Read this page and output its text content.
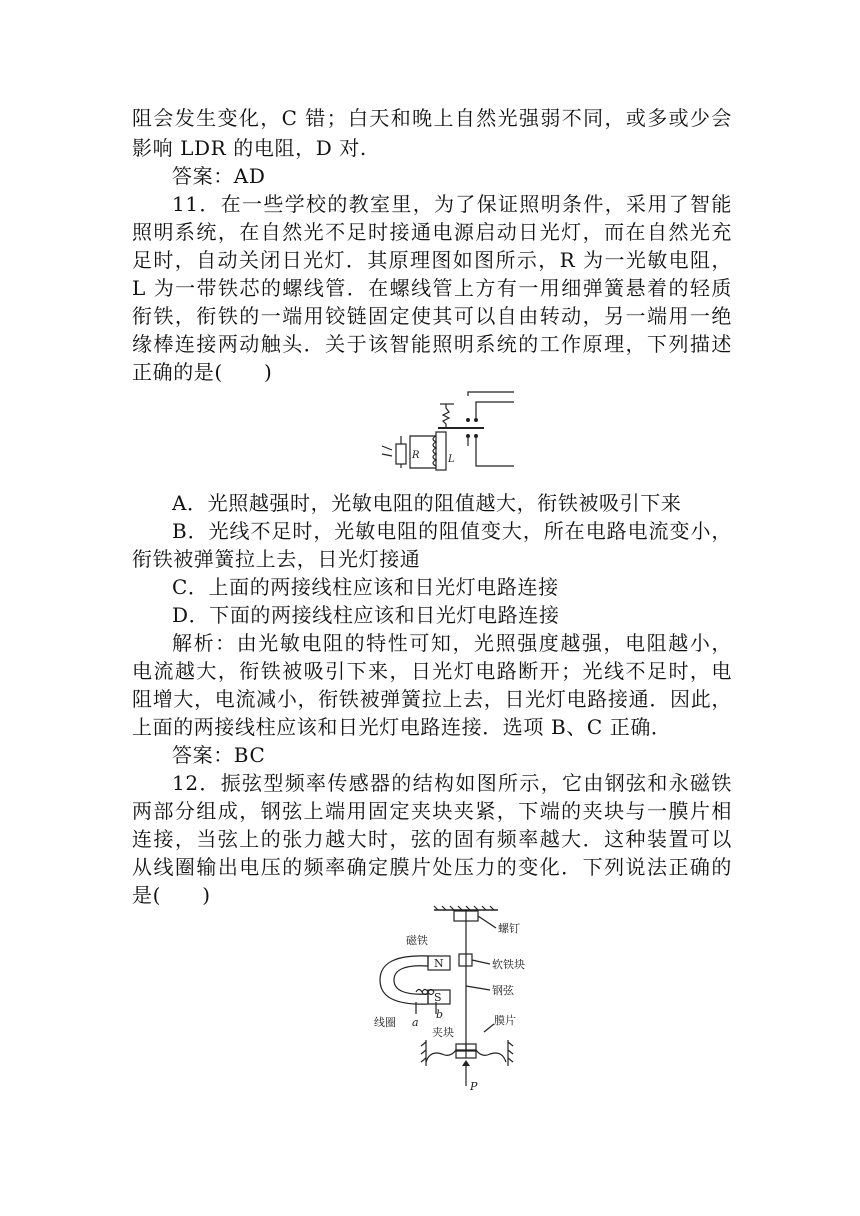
阻会发生变化，C 错；白天和晚上自然光强弱不同，或多或少会
影响 LDR 的电阻，D 对.
答案：AD
11．在一些学校的教室里，为了保证照明条件，采用了智能
照明系统，在自然光不足时接通电源启动日光灯，而在自然光充
足时，自动关闭日光灯．其原理图如图所示，R 为一光敏电阻，
L 为一带铁芯的螺线管．在螺线管上方有一用细弹簧悬着的轻质
衔铁，衔铁的一端用铰链固定使其可以自由转动，另一端用一绝
缘棒连接两动触头．关于该智能照明系统的工作原理，下列描述
正确的是(　　)
R	L
A．光照越强时，光敏电阻的阻值越大，衔铁被吸引下来
B．光线不足时，光敏电阻的阻值变大，所在电路电流变小，
衔铁被弹簧拉上去，日光灯接通
C．上面的两接线柱应该和日光灯电路连接
D．下面的两接线柱应该和日光灯电路连接
解析：由光敏电阻的特性可知，光照强度越强，电阻越小，
电流越大，衔铁被吸引下来，日光灯电路断开；光线不足时，电
阻增大，电流减小，衔铁被弹簧拉上去，日光灯电路接通．因此，
上面的两接线柱应该和日光灯电路连接．选项 B、C 正确．
答案：BC
12．振弦型频率传感器的结构如图所示，它由钢弦和永磁铁
两部分组成，钢弦上端用固定夹块夹紧，下端的夹块与一膜片相
连接，当弦上的张力越大时，弦的固有频率越大．这种装置可以
从线圈输出电压的频率确定膜片处压力的变化．下列说法正确的
是(　　)
螺钉
磁铁
软铁块
钢弦
线圈
夹块
膜片
N
S
a
b
P
